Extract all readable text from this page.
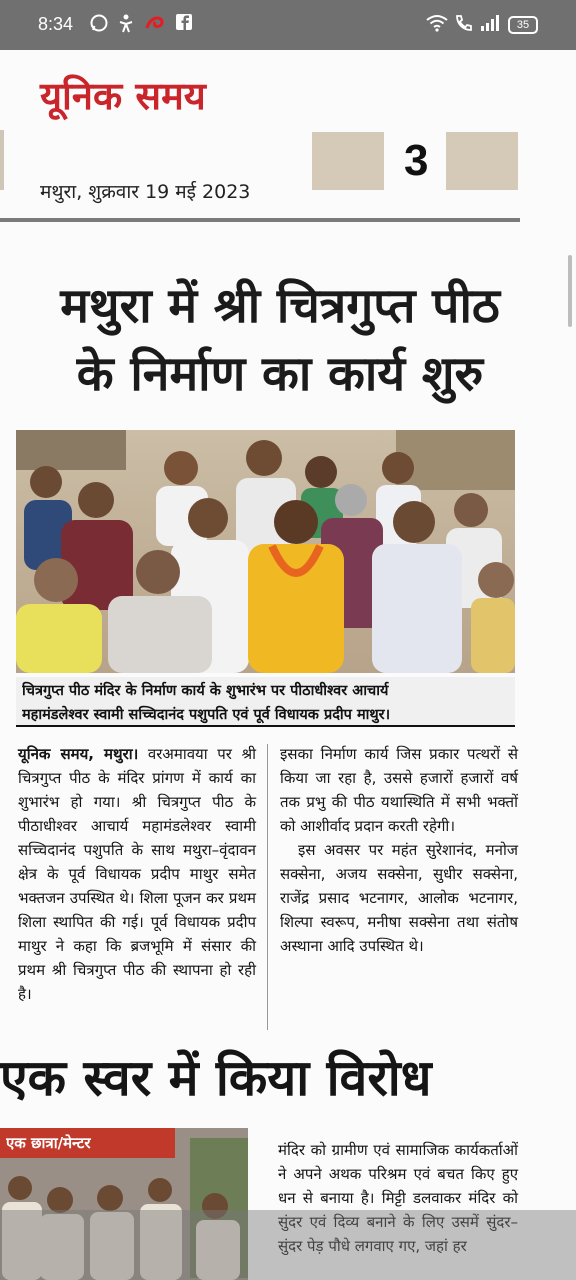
8:34	35
यूनिक समय
मथुरा, शुक्रवार 19 मई 2023
3
मथुरा में श्री चित्रगुप्त पीठ
के निर्माण का कार्य शुरु
चित्रगुप्त पीठ मंदिर के निर्माण कार्य के शुभारंभ पर पीठाधीश्वर आचार्य
महामंडलेश्वर स्वामी सच्चिदानंद पशुपति एवं पूर्व विधायक प्रदीप माथुर।

यूनिक समय, मथुरा। वरअमावया पर श्री चित्रगुप्त पीठ के मंदिर प्रांगण में कार्य का शुभारंभ हो गया। श्री चित्रगुप्त पीठ के पीठाधीश्वर आचार्य महामंडलेश्वर स्वामी सच्चिदानंद पशुपति के साथ मथुरा–वृंदावन क्षेत्र के पूर्व विधायक प्रदीप माथुर समेत भक्तजन उपस्थित थे। शिला पूजन कर प्रथम शिला स्थापित की गई। पूर्व विधायक प्रदीप माथुर ने कहा कि ब्रजभूमि में संसार की प्रथम श्री चित्रगुप्त पीठ की स्थापना हो रही है।

इसका निर्माण कार्य जिस प्रकार पत्थरों से किया जा रहा है, उससे हजारों हजारों वर्ष तक प्रभु की पीठ यथास्थिति में सभी भक्तों को आशीर्वाद प्रदान करती रहेगी।

इस अवसर पर महंत सुरेशानंद, मनोज सक्सेना, अजय सक्सेना, सुधीर सक्सेना, राजेंद्र प्रसाद भटनागर, आलोक भटनागर, शिल्पा स्वरूप, मनीषा सक्सेना तथा संतोष अस्थाना आदि उपस्थित थे।

एक स्वर में किया विरोध
एक छात्रा/मेन्टर	मंदिर को ग्रामीण एवं सामाजिक कार्यकर्ताओं ने अपने अथक परिश्रम एवं बचत किए हुए धन से बनाया है। मिट्टी डलवाकर मंदिर को सुंदर एवं दिव्य बनाने के लिए उसमें सुंदर– सुंदर पेड़ पौधे लगवाए गए, जहां हर
